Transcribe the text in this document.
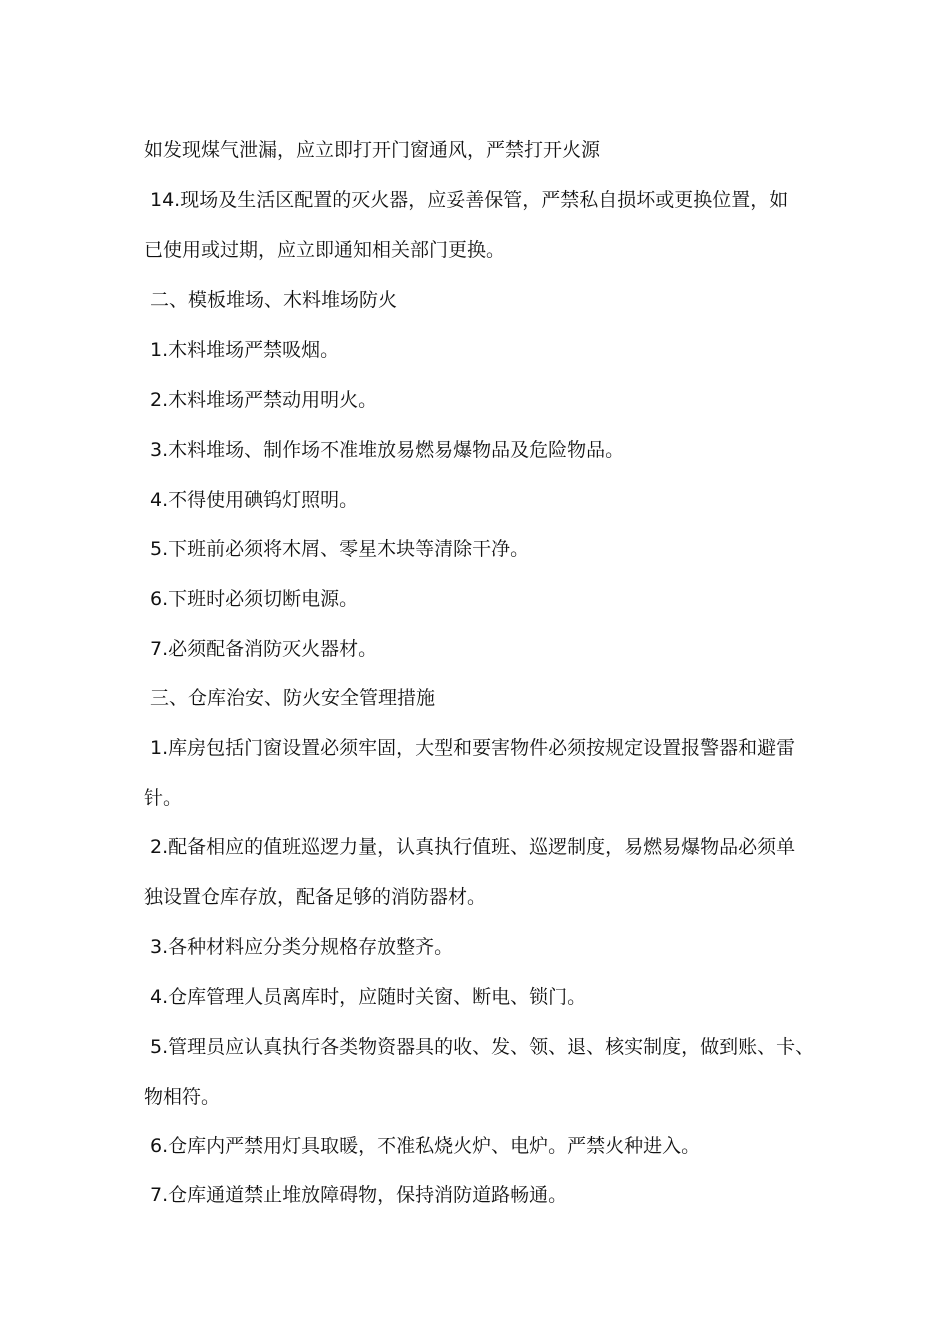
如发现煤气泄漏，应立即打开门窗通风，严禁打开火源
14.现场及生活区配置的灭火器，应妥善保管，严禁私自损坏或更换位置，如
已使用或过期，应立即通知相关部门更换。
二、模板堆场、木料堆场防火
1.木料堆场严禁吸烟。
2.木料堆场严禁动用明火。
3.木料堆场、制作场不准堆放易燃易爆物品及危险物品。
4.不得使用碘钨灯照明。
5.下班前必须将木屑、零星木块等清除干净。
6.下班时必须切断电源。
7.必须配备消防灭火器材。
三、仓库治安、防火安全管理措施
1.库房包括门窗设置必须牢固，大型和要害物件必须按规定设置报警器和避雷
针。
2.配备相应的值班巡逻力量，认真执行值班、巡逻制度，易燃易爆物品必须单
独设置仓库存放，配备足够的消防器材。
3.各种材料应分类分规格存放整齐。
4.仓库管理人员离库时，应随时关窗、断电、锁门。
5.管理员应认真执行各类物资器具的收、发、领、退、核实制度，做到账、卡、
物相符。
6.仓库内严禁用灯具取暖，不准私烧火炉、电炉。严禁火种进入。
7.仓库通道禁止堆放障碍物，保持消防道路畅通。
